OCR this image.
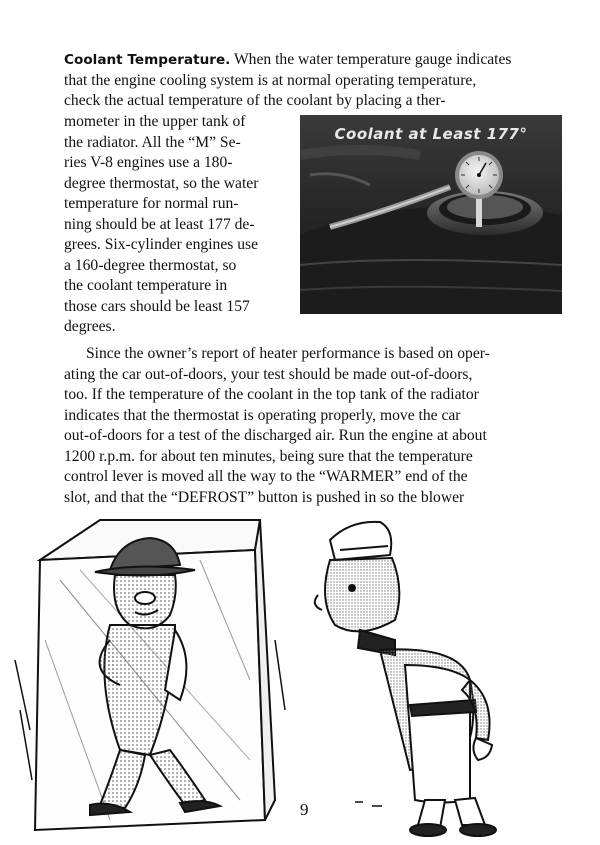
Coolant Temperature. When the water temperature gauge indicates

that the engine cooling system is at normal operating temperature,

check the actual temperature of the coolant by placing a ther-

mometer in the upper tank of

the radiator. All the “M” Se-

ries V-8 engines use a 180-

degree thermostat, so the water

temperature for normal run-

ning should be at least 177 de-

grees. Six-cylinder engines use

a 160-degree thermostat, so

the coolant temperature in

those cars should be least 157

degrees.

Coolant at Least 177°

Since the owner’s report of heater performance is based on oper-

ating the car out-of-doors, your test should be made out-of-doors,

too. If the temperature of the coolant in the top tank of the radiator

indicates that the thermostat is operating properly, move the car

out-of-doors for a test of the discharged air. Run the engine at about

1200 r.p.m. for about ten minutes, being sure that the temperature

control lever is moved all the way to the “WARMER” end of the

slot, and that the “DEFROST” button is pushed in so the blower

9
